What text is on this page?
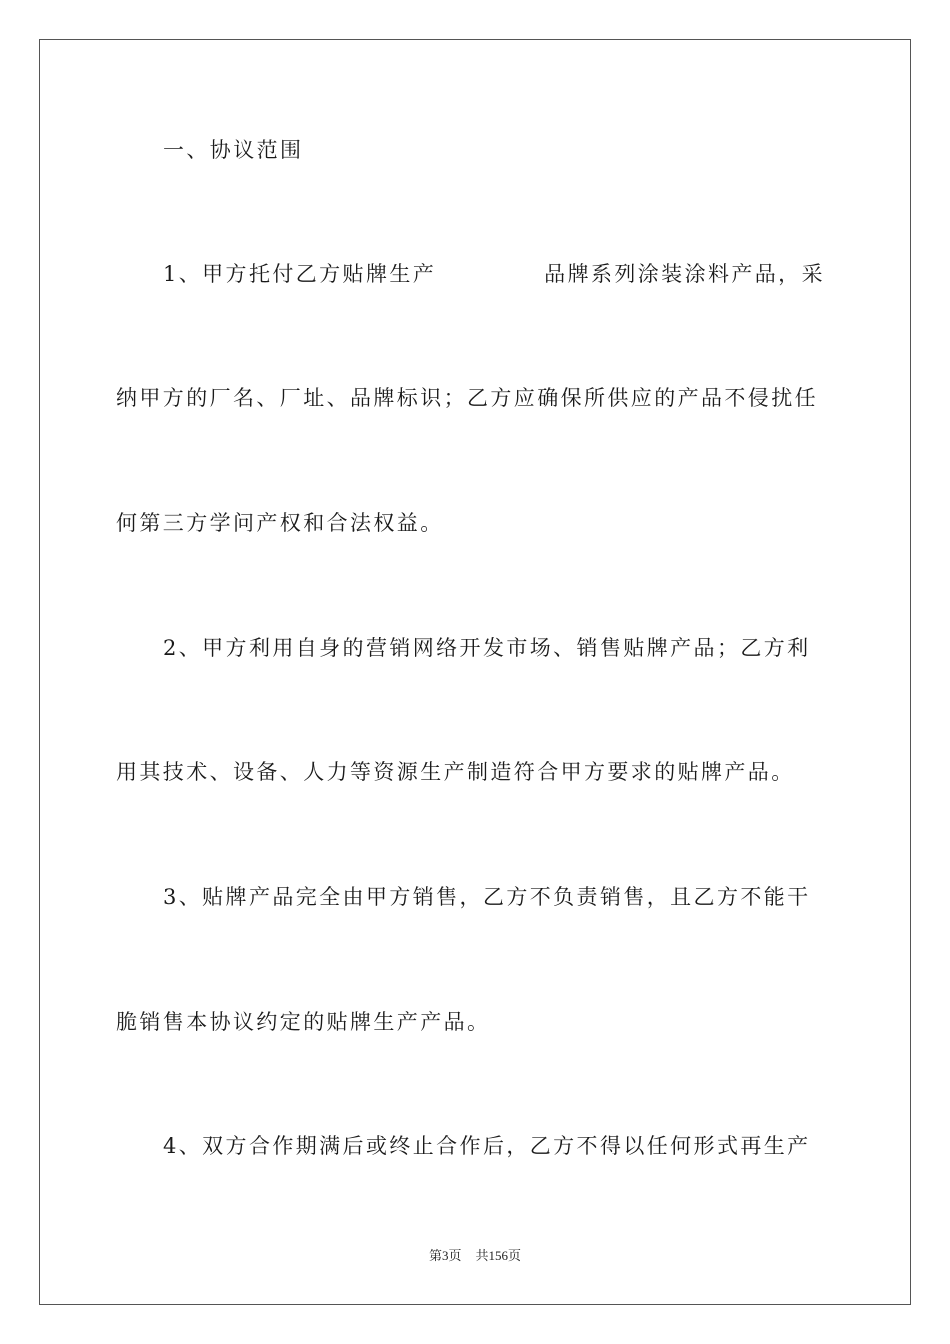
一、协议范围
1、甲方托付乙方贴牌生产	品牌系列涂装涂料产品，采
纳甲方的厂名、厂址、品牌标识；乙方应确保所供应的产品不侵扰任
何第三方学问产权和合法权益。
2、甲方利用自身的营销网络开发市场、销售贴牌产品；乙方利
用其技术、设备、人力等资源生产制造符合甲方要求的贴牌产品。
3、贴牌产品完全由甲方销售，乙方不负责销售，且乙方不能干
脆销售本协议约定的贴牌生产产品。
4、双方合作期满后或终止合作后，乙方不得以任何形式再生产
第3页 共156页
